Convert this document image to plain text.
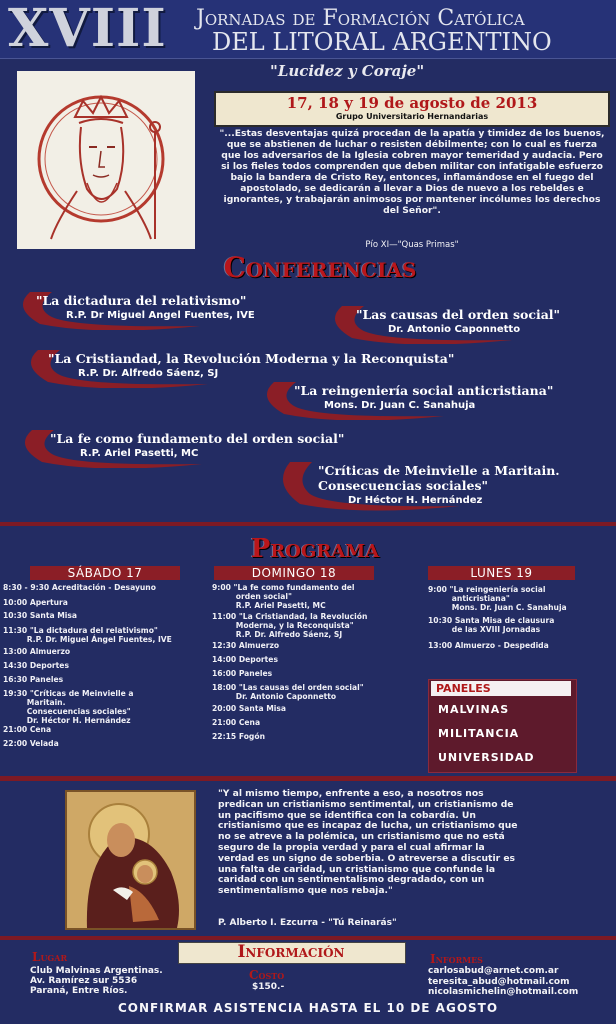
XVIII Jornadas de Formación Católica
DEL LITORAL ARGENTINO
"Lucidez y Coraje"
17, 18 y 19 de agosto de 2013
Grupo Universitario Hernandarias
"...Estas desventajas quizá procedan de la apatía y timidez de los buenos, que se abstienen de luchar o resisten débilmente; con lo cual es fuerza que los adversarios de la Iglesia cobren mayor temeridad y audacia. Pero si los fieles todos comprenden que deben militar con infatigable esfuerzo bajo la bandera de Cristo Rey, entonces, inflamándose en el fuego del apostolado, se dedicarán a llevar a Dios de nuevo a los rebeldes e ignorantes, y trabajarán animosos por mantener incólumes los derechos del Señor".
Pío XI—"Quas Primas"
Conferencias
"La dictadura del relativismo"
R.P. Dr Miguel Angel Fuentes, IVE	"Las causas del orden social"
Dr. Antonio Caponnetto
"La Cristiandad, la Revolución Moderna y la Reconquista"
R.P. Dr. Alfredo Sáenz, SJ
"La reingeniería social anticristiana"
Mons. Dr. Juan C. Sanahuja
"La fe como fundamento del orden social"
R.P. Ariel Pasetti, MC
"Críticas de Meinvielle a Maritain.
Consecuencias sociales"
Dr Héctor H. Hernández
Programa
SÁBADO 17	DOMINGO 18	LUNES 19
8:30 - 9:30 Acreditación - Desayuno
10:00 Apertura
10:30 Santa Misa
11:30 "La dictadura del relativismo"
R.P. Dr. Miguel Ángel Fuentes, IVE
13:00 Almuerzo
14:30 Deportes
16:30 Paneles
19:30 "Críticas de Meinvielle a
Maritain.
Consecuencias sociales"
Dr. Héctor H. Hernández
21:00 Cena
22:00 Velada
9:00 "La fe como fundamento del
orden social"
R.P. Ariel Pasetti, MC
11:00 "La Cristiandad, la Revolución
Moderna, y la Reconquista"
R.P. Dr. Alfredo Sáenz, SJ
12:30 Almuerzo
14:00 Deportes
16:00 Paneles
18:00 "Las causas del orden social"
Dr. Antonio Caponnetto
20:00 Santa Misa
21:00 Cena
22:15 Fogón
9:00 "La reingeniería social
anticristiana"
Mons. Dr. Juan C. Sanahuja
10:30 Santa Misa de clausura
de las XVIII Jornadas
13:00 Almuerzo - Despedida
PANELES
MALVINAS
MILITANCIA
UNIVERSIDAD
"Y al mismo tiempo, enfrente a eso, a nosotros nos predican un cristianismo sentimental, un cristianismo de un pacifismo que se identifica con la cobardía. Un cristianismo que es incapaz de lucha, un cristianismo que no se atreve a la polémica, un cristianismo que no está seguro de la propia verdad y para el cual afirmar la verdad es un signo de soberbia. O atreverse a discutir es una falta de caridad, un cristianismo que confunde la caridad con un sentimentalismo degradado, con un sentimentalismo que nos rebaja."
P. Alberto I. Ezcurra - "Tú Reinarás"
Información
Lugar
Club Malvinas Argentinas.
Av. Ramírez sur 5536
Paraná, Entre Ríos.
Costo
$150.-
Informes
carlosabud@arnet.com.ar
teresita_abud@hotmail.com
nicolasmichelin@hotmail.com
CONFIRMAR ASISTENCIA HASTA EL 10 DE AGOSTO
